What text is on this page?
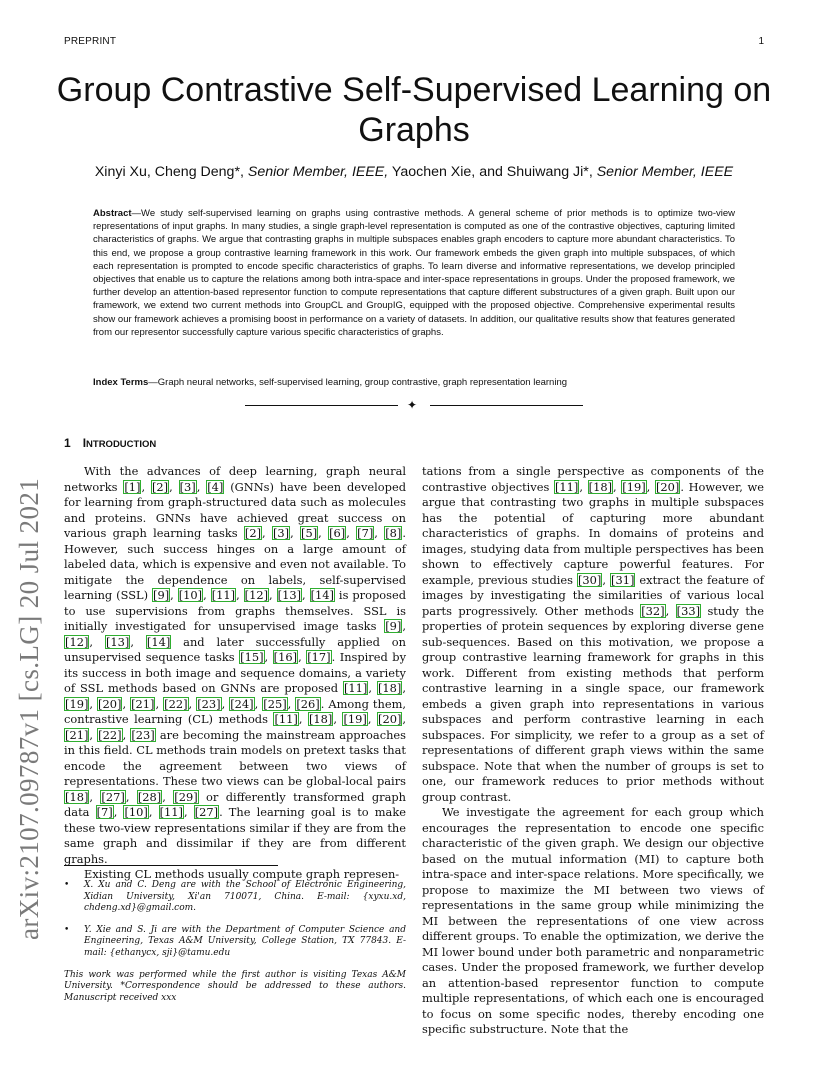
PREPRINT	1
Group Contrastive Self-Supervised Learning on Graphs
Xinyi Xu, Cheng Deng*, Senior Member, IEEE, Yaochen Xie, and Shuiwang Ji*, Senior Member, IEEE
Abstract—We study self-supervised learning on graphs using contrastive methods. A general scheme of prior methods is to optimize two-view representations of input graphs. In many studies, a single graph-level representation is computed as one of the contrastive objectives, capturing limited characteristics of graphs. We argue that contrasting graphs in multiple subspaces enables graph encoders to capture more abundant characteristics. To this end, we propose a group contrastive learning framework in this work. Our framework embeds the given graph into multiple subspaces, of which each representation is prompted to encode specific characteristics of graphs. To learn diverse and informative representations, we develop principled objectives that enable us to capture the relations among both intra-space and inter-space representations in groups. Under the proposed framework, we further develop an attention-based representor function to compute representations that capture different substructures of a given graph. Built upon our framework, we extend two current methods into GroupCL and GroupIG, equipped with the proposed objective. Comprehensive experimental results show our framework achieves a promising boost in performance on a variety of datasets. In addition, our qualitative results show that features generated from our representor successfully capture various specific characteristics of graphs.
Index Terms—Graph neural networks, self-supervised learning, group contrastive, graph representation learning
✦
arXiv:2107.09787v1 [cs.LG] 20 Jul 2021
1 INTRODUCTION

With the advances of deep learning, graph neural networks [1], [2], [3], [4] (GNNs) have been developed for learning from graph-structured data such as molecules and proteins. GNNs have achieved great success on various graph learning tasks [2], [3], [5], [6], [7], [8]. However, such success hinges on a large amount of labeled data, which is expensive and even not available. To mitigate the dependence on labels, self-supervised learning (SSL) [9], [10], [11], [12], [13], [14] is proposed to use supervisions from graphs themselves. SSL is initially investigated for unsupervised image tasks [9], [12], [13], [14] and later successfully applied on unsupervised sequence tasks [15], [16], [17]. Inspired by its success in both image and sequence domains, a variety of SSL methods based on GNNs are proposed [11], [18], [19], [20], [21], [22], [23], [24], [25], [26]. Among them, contrastive learning (CL) methods [11], [18], [19], [20], [21], [22], [23] are becoming the mainstream approaches in this field. CL methods train models on pretext tasks that encode the agreement between two views of representations. These two views can be global-local pairs [18], [27], [28], [29] or differently transformed graph data [7], [10], [11], [27]. The learning goal is to make these two-view representations similar if they are from the same graph and dissimilar if they are from different graphs.

Existing CL methods usually compute graph represen-

tations from a single perspective as components of the contrastive objectives [11], [18], [19], [20]. However, we argue that contrasting two graphs in multiple subspaces has the potential of capturing more abundant characteristics of graphs. In domains of proteins and images, studying data from multiple perspectives has been shown to effectively capture powerful features. For example, previous studies [30], [31] extract the feature of images by investigating the similarities of various local parts progressively. Other methods [32], [33] study the properties of protein sequences by exploring diverse gene sub-sequences. Based on this motivation, we propose a group contrastive learning framework for graphs in this work. Different from existing methods that perform contrastive learning in a single space, our framework embeds a given graph into representations in various subspaces and perform contrastive learning in each subspaces. For simplicity, we refer to a group as a set of representations of different graph views within the same subspace. Note that when the number of groups is set to one, our framework reduces to prior methods without group contrast.

We investigate the agreement for each group which encourages the representation to encode one specific characteristic of the given graph. We design our objective based on the mutual information (MI) to capture both intra-space and inter-space relations. More specifically, we propose to maximize the MI between two views of representations in the same group while minimizing the MI between the representations of one view across different groups. To enable the optimization, we derive the MI lower bound under both parametric and nonparametric cases. Under the proposed framework, we further develop an attention-based representor function to compute multiple representations, of which each one is encouraged to focus on some specific nodes, thereby encoding one specific substructure. Note that the

• X. Xu and C. Deng are with the School of Electronic Engineering, Xidian University, Xi'an 710071, China. E-mail: {xyxu.xd, chdeng.xd}@gmail.com.
• Y. Xie and S. Ji are with the Department of Computer Science and Engineering, Texas A&M University, College Station, TX 77843. E-mail: {ethanycx, sji}@tamu.edu
This work was performed while the first author is visiting Texas A&M University. *Correspondence should be addressed to these authors. Manuscript received xxx
